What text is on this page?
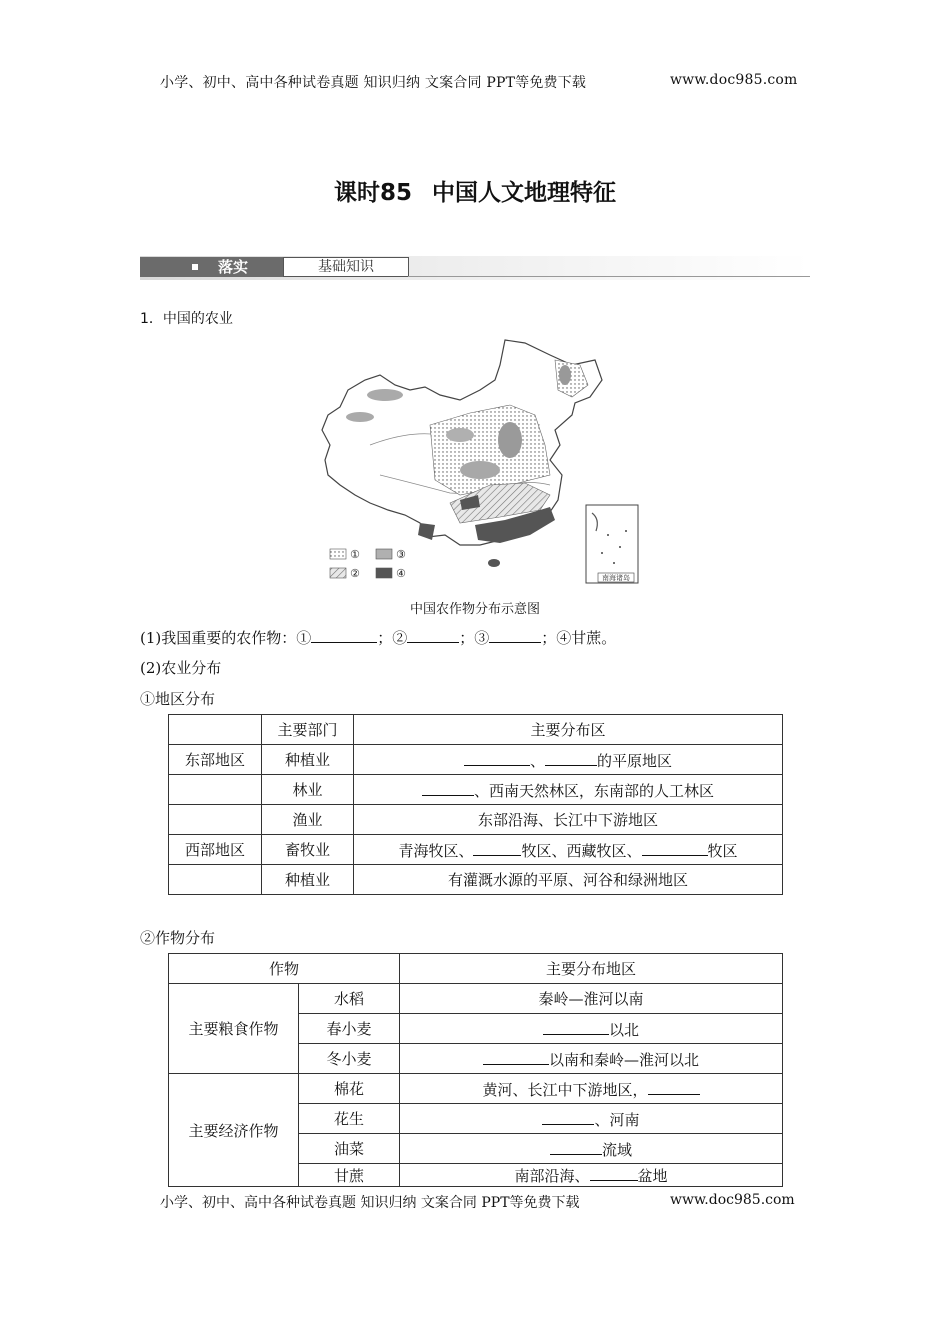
小学、初中、高中各种试卷真题 知识归纳 文案合同 PPT等免费下载	www.doc985.com
课时85 中国人文地理特征
落实	基础知识
1．中国的农业
南海诸岛
①	③
②	④
中国农作物分布示意图
(1)我国重要的农作物：①	；②	；③	；④甘蔗。
(2)农业分布
①地区分布
	主要部门	主要分布区
东部地区	种植业	、 的平原地区
	林业	、西南天然林区，东南部的人工林区
	渔业	东部沿海、长江中下游地区
西部地区	畜牧业	青海牧区、 牧区、西藏牧区、 牧区
	种植业	有灌溉水源的平原、河谷和绿洲地区
②作物分布
作物		主要分布地区
主要粮食作物	水稻	秦岭—淮河以南
	春小麦	以北
	冬小麦	以南和秦岭—淮河以北
主要经济作物	棉花	黄河、长江中下游地区，
	花生	、河南
	油菜	流域
	甘蔗	南部沿海、 盆地
小学、初中、高中各种试卷真题 知识归纳 文案合同 PPT等免费下载	www.doc985.com
